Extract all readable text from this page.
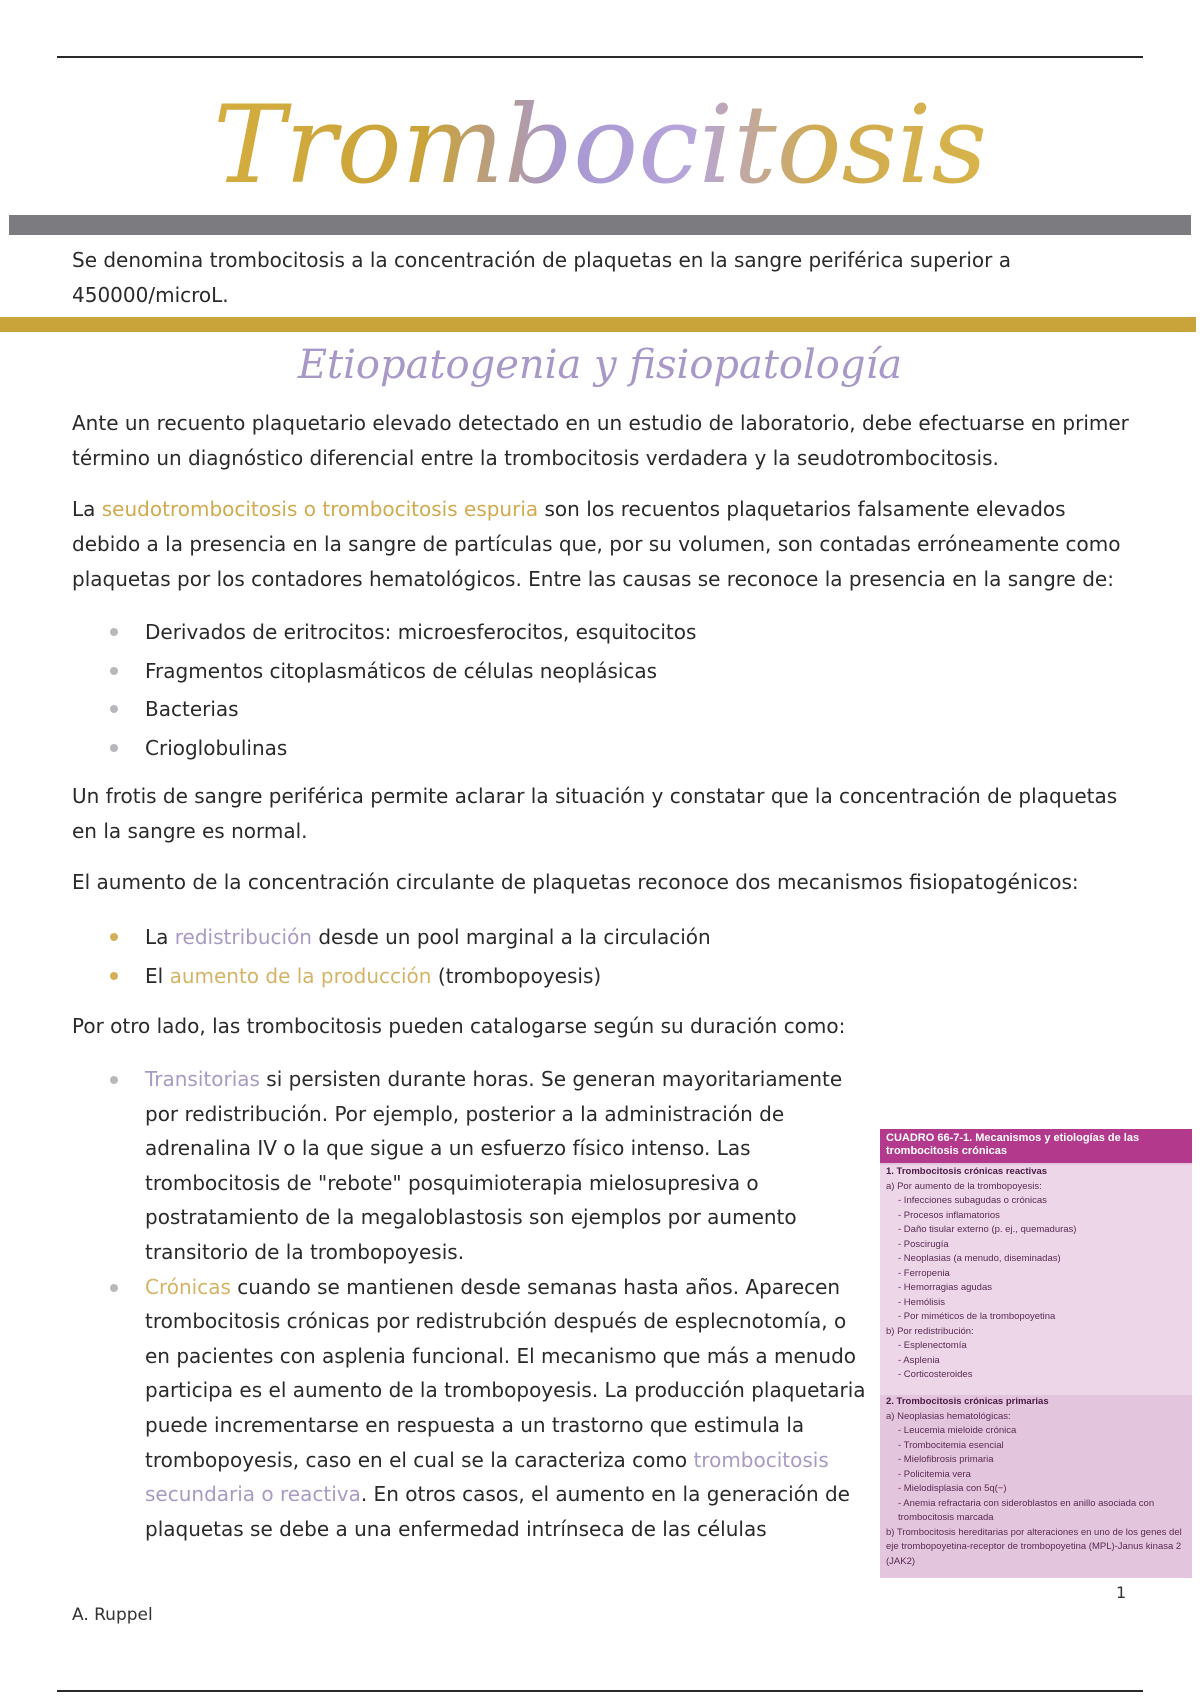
Trombocitosis
Se denomina trombocitosis a la concentración de plaquetas en la sangre periférica superior a 450000/microL.
Etiopatogenia y fisiopatología
Ante un recuento plaquetario elevado detectado en un estudio de laboratorio, debe efectuarse en primer término un diagnóstico diferencial entre la trombocitosis verdadera y la seudotrombocitosis.
La seudotrombocitosis o trombocitosis espuria son los recuentos plaquetarios falsamente elevados debido a la presencia en la sangre de partículas que, por su volumen, son contadas erróneamente como plaquetas por los contadores hematológicos. Entre las causas se reconoce la presencia en la sangre de:
Derivados de eritrocitos: microesferocitos, esquitocitos
Fragmentos citoplasmáticos de células neoplásicas
Bacterias
Crioglobulinas
Un frotis de sangre periférica permite aclarar la situación y constatar que la concentración de plaquetas en la sangre es normal.
El aumento de la concentración circulante de plaquetas reconoce dos mecanismos fisiopatogénicos:
La redistribución desde un pool marginal a la circulación
El aumento de la producción (trombopoyesis)
Por otro lado, las trombocitosis pueden catalogarse según su duración como:
Transitorias si persisten durante horas. Se generan mayoritariamente por redistribución. Por ejemplo, posterior a la administración de adrenalina IV o la que sigue a un esfuerzo físico intenso. Las trombocitosis de "rebote" posquimioterapia mielosupresiva o postratamiento de la megaloblastosis son ejemplos por aumento transitorio de la trombopoyesis.
Crónicas cuando se mantienen desde semanas hasta años. Aparecen trombocitosis crónicas por redistrubción después de esplecnotomía, o en pacientes con asplenia funcional. El mecanismo que más a menudo participa es el aumento de la trombopoyesis. La producción plaquetaria puede incrementarse en respuesta a un trastorno que estimula la trombopoyesis, caso en el cual se la caracteriza como trombocitosis secundaria o reactiva. En otros casos, el aumento en la generación de plaquetas se debe a una enfermedad intrínseca de las células
CUADRO 66-7-1. Mecanismos y etiologías de las trombocitosis crónicas
1. Trombocitosis crónicas reactivas
a) Por aumento de la trombopoyesis:
- Infecciones subagudas o crónicas
- Procesos inflamatorios
- Daño tisular externo (p. ej., quemaduras)
- Poscirugía
- Neoplasias (a menudo, diseminadas)
- Ferropenia
- Hemorragias agudas
- Hemólisis
- Por miméticos de la trombopoyetina
b) Por redistribución:
- Esplenectomía
- Asplenia
- Corticosteroides
2. Trombocitosis crónicas primarias
a) Neoplasias hematológicas:
- Leucemia mieloide crónica
- Trombocitemia esencial
- Mielofibrosis primaria
- Policitemia vera
- Mielodisplasia con 5q(−)
- Anemia refractaria con sideroblastos en anillo asociada con trombocitosis marcada
b) Trombocitosis hereditarias por alteraciones en uno de los genes del eje trombopoyetina-receptor de trombopoyetina (MPL)-Janus kinasa 2 (JAK2)
1
A. Ruppel
